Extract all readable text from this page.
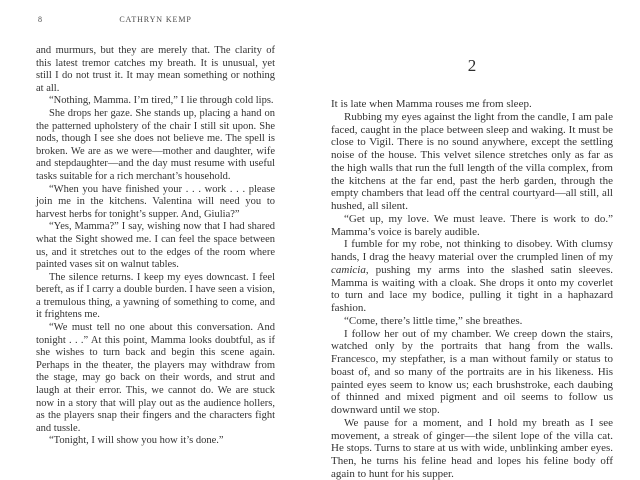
8	CATHRYN KEMP

and murmurs, but they are merely that. The clarity of this latest tremor catches my breath. It is unusual, yet still I do not trust it. It may mean something or nothing at all.

“Nothing, Mamma. I’m tired,” I lie through cold lips.

She drops her gaze. She stands up, placing a hand on the patterned upholstery of the chair I still sit upon. She nods, though I see she does not believe me. The spell is broken. We are as we were—mother and daughter, wife and stepdaughter—and the day must resume with useful tasks suitable for a rich merchant’s household.

“When you have finished your . . . work . . . please join me in the kitchens. Valentina will need you to harvest herbs for tonight’s supper. And, Giulia?”

“Yes, Mamma?” I say, wishing now that I had shared what the Sight showed me. I can feel the space between us, and it stretches out to the edges of the room where painted vases sit on walnut tables.

The silence returns. I keep my eyes downcast. I feel bereft, as if I carry a double burden. I have seen a vision, a tremulous thing, a yawning of something to come, and it frightens me.

“We must tell no one about this conversation. And tonight . . .” At this point, Mamma looks doubtful, as if she wishes to turn back and begin this scene again. Perhaps in the theater, the players may withdraw from the stage, may go back on their words, and strut and laugh at their error. This, we cannot do. We are stuck now in a story that will play out as the audience hollers, as the players snap their fingers and the characters fight and tussle.

“Tonight, I will show you how it’s done.”

2

It is late when Mamma rouses me from sleep.

Rubbing my eyes against the light from the candle, I am pale faced, caught in the place between sleep and waking. It must be close to Vigil. There is no sound anywhere, except the settling noise of the house. This velvet silence stretches only as far as the high walls that run the full length of the villa complex, from the kitchens at the far end, past the herb garden, through the empty chambers that lead off the central courtyard—all still, all hushed, all silent.

“Get up, my love. We must leave. There is work to do.” Mamma’s voice is barely audible.

I fumble for my robe, not thinking to disobey. With clumsy hands, I drag the heavy material over the crumpled linen of my camicia, pushing my arms into the slashed satin sleeves. Mamma is waiting with a cloak. She drops it onto my coverlet to turn and lace my bodice, pulling it tight in a haphazard fashion.

“Come, there’s little time,” she breathes.

I follow her out of my chamber. We creep down the stairs, watched only by the portraits that hang from the walls. Francesco, my stepfather, is a man without family or status to boast of, and so many of the portraits are in his likeness. His painted eyes seem to know us; each brushstroke, each daubing of thinned and mixed pigment and oil seems to follow us downward until we stop.

We pause for a moment, and I hold my breath as I see movement, a streak of ginger—the silent lope of the villa cat. He stops. Turns to stare at us with wide, unblinking amber eyes. Then, he turns his feline head and lopes his feline body off again to hunt for his supper.
